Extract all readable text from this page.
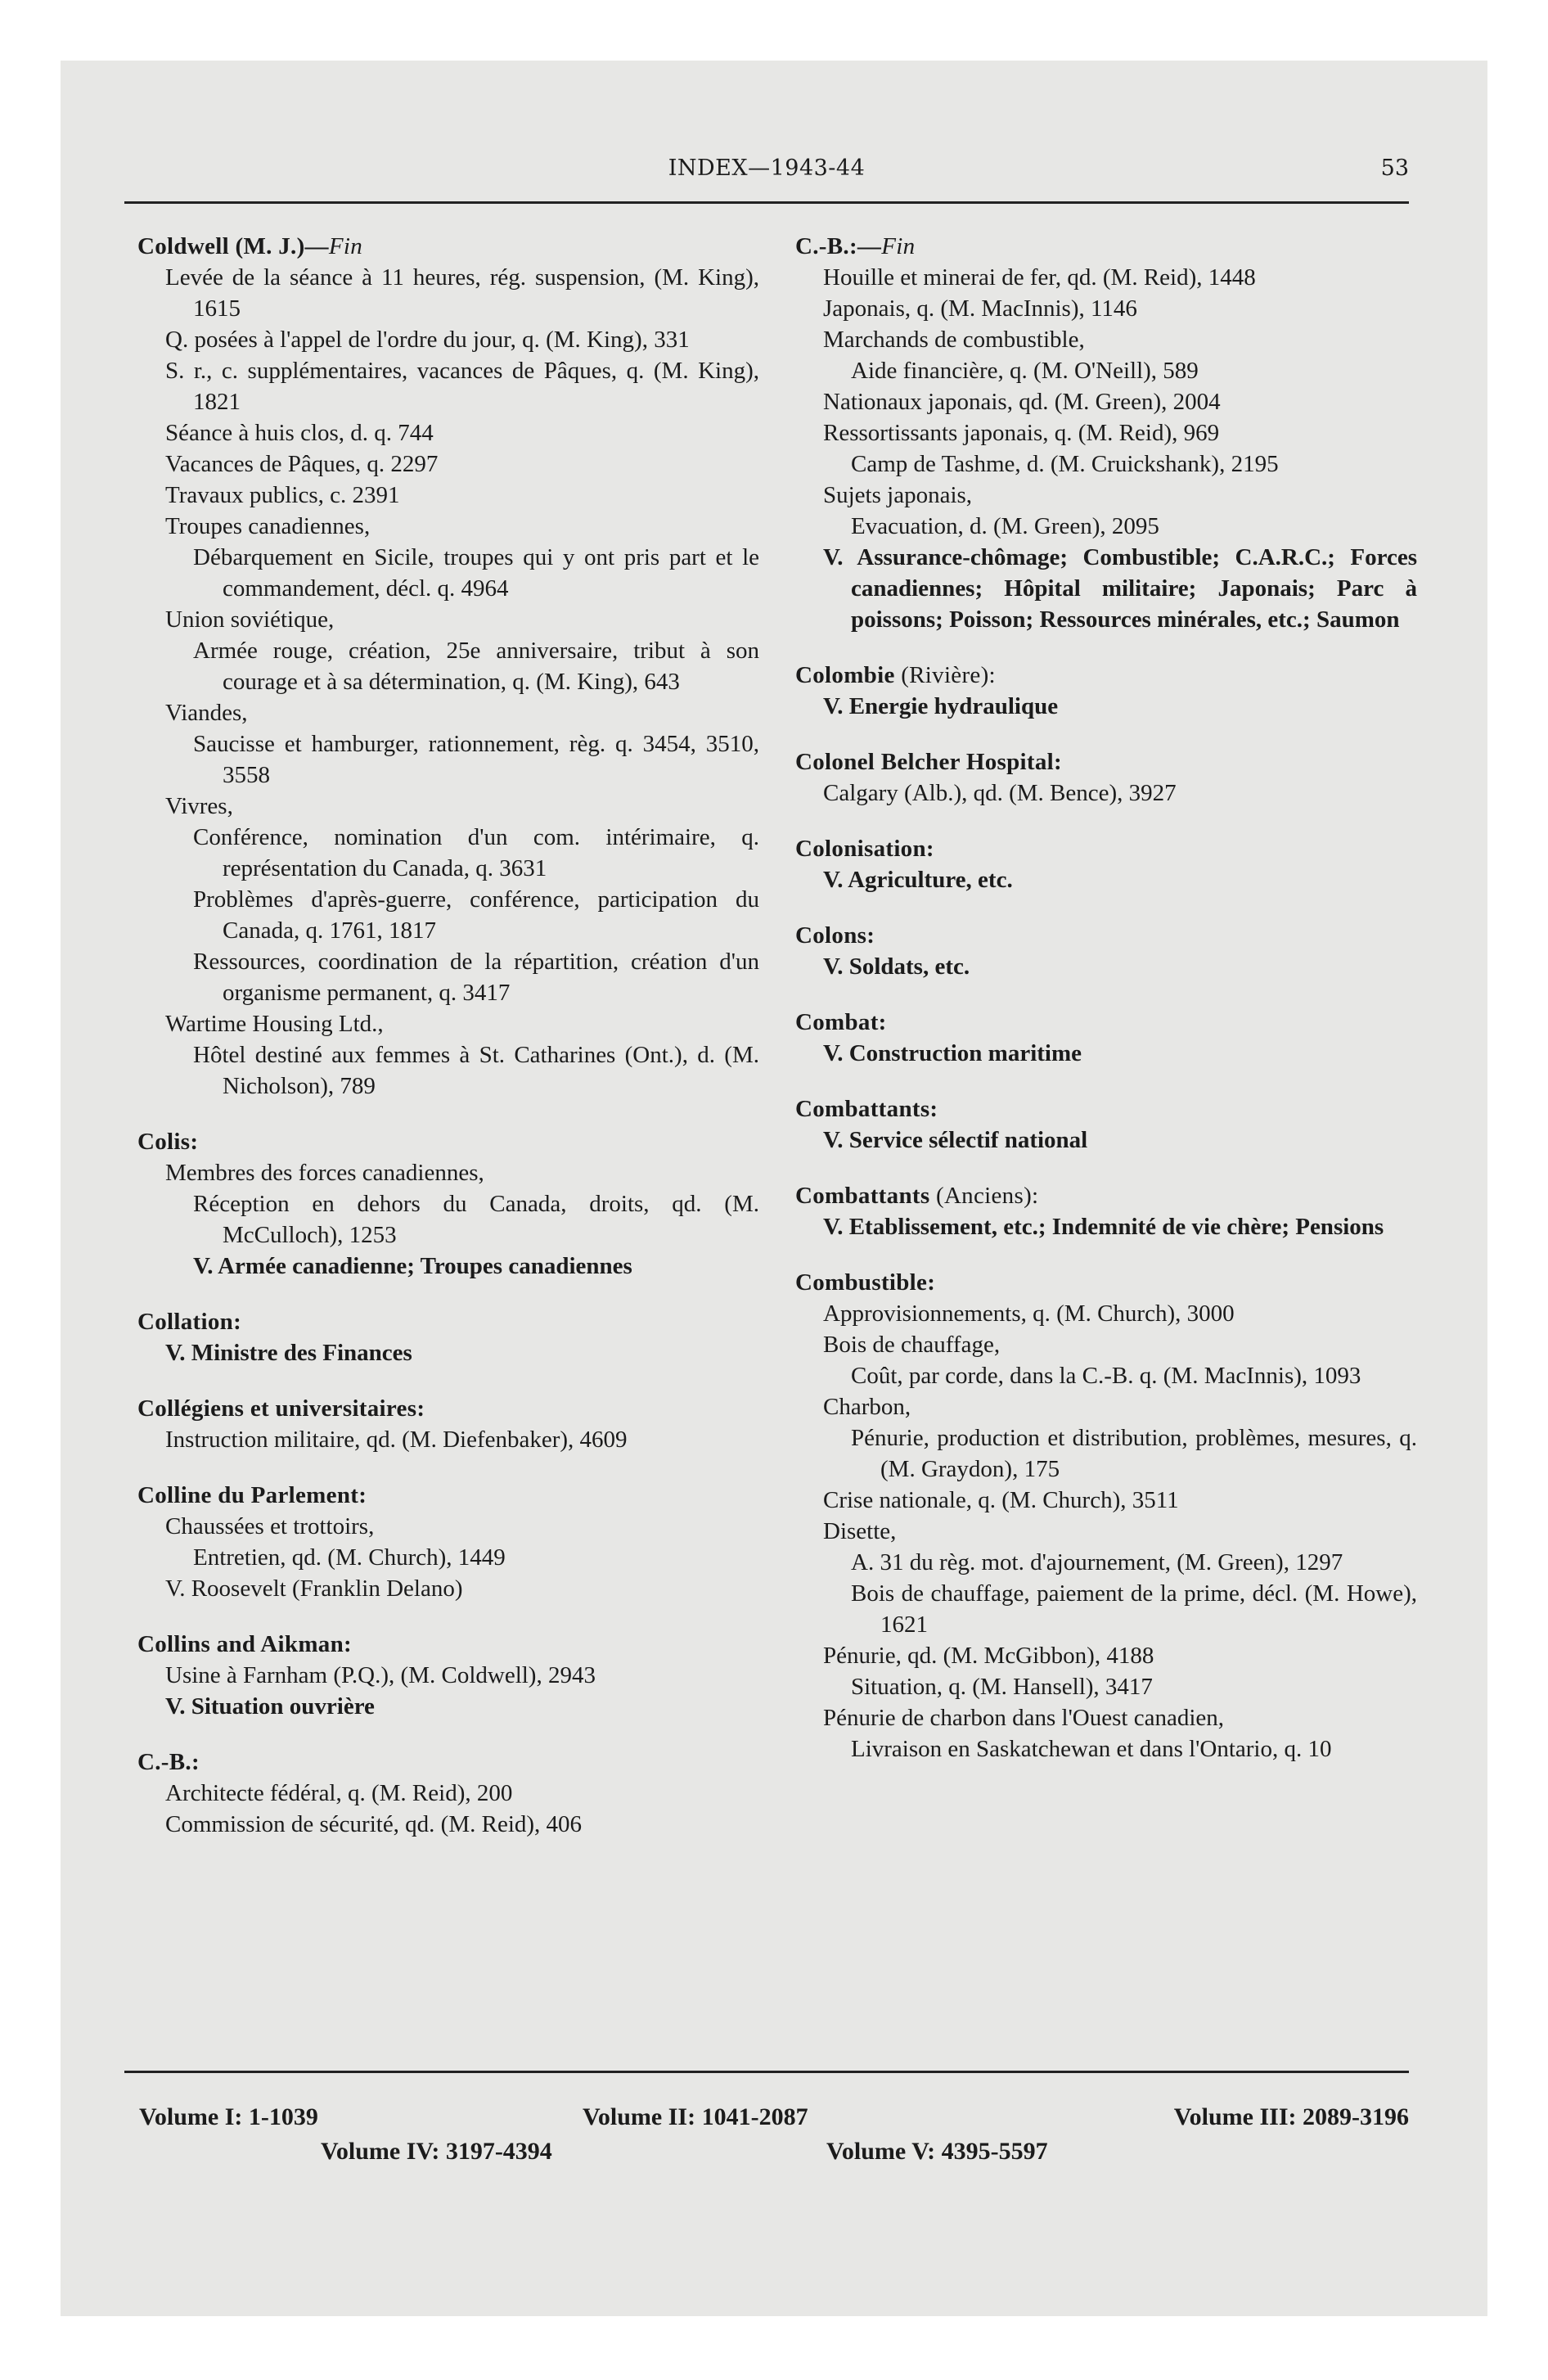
INDEX—1943-44	53
Coldwell (M. J.)—Fin
Levée de la séance à 11 heures, rég. suspension, (M. King), 1615
Q. posées à l'appel de l'ordre du jour, q. (M. King), 331
S. r., c. supplémentaires, vacances de Pâques, q. (M. King), 1821
Séance à huis clos, d. q. 744
Vacances de Pâques, q. 2297
Travaux publics, c. 2391
Troupes canadiennes,
Débarquement en Sicile, troupes qui y ont pris part et le commandement, décl. q. 4964
Union soviétique,
Armée rouge, création, 25e anniversaire, tribut à son courage et à sa détermination, q. (M. King), 643
Viandes,
Saucisse et hamburger, rationnement, règ. q. 3454, 3510, 3558
Vivres,
Conférence, nomination d'un com. intérimaire, q. représentation du Canada, q. 3631
Problèmes d'après-guerre, conférence, participation du Canada, q. 1761, 1817
Ressources, coordination de la répartition, création d'un organisme permanent, q. 3417
Wartime Housing Ltd.,
Hôtel destiné aux femmes à St. Catharines (Ont.), d. (M. Nicholson), 789
Colis:
Membres des forces canadiennes,
Réception en dehors du Canada, droits, qd. (M. McCulloch), 1253
V. Armée canadienne; Troupes canadiennes
Collation:
V. Ministre des Finances
Collégiens et universitaires:
Instruction militaire, qd. (M. Diefenbaker), 4609
Colline du Parlement:
Chaussées et trottoirs,
Entretien, qd. (M. Church), 1449
V. Roosevelt (Franklin Delano)
Collins and Aikman:
Usine à Farnham (P.Q.), (M. Coldwell), 2943
V. Situation ouvrière
C.-B.:
Architecte fédéral, q. (M. Reid), 200
Commission de sécurité, qd. (M. Reid), 406
C.-B.:—Fin
Houille et minerai de fer, qd. (M. Reid), 1448
Japonais, q. (M. MacInnis), 1146
Marchands de combustible,
Aide financière, q. (M. O'Neill), 589
Nationaux japonais, qd. (M. Green), 2004
Ressortissants japonais, q. (M. Reid), 969
Camp de Tashme, d. (M. Cruickshank), 2195
Sujets japonais,
Evacuation, d. (M. Green), 2095
V. Assurance-chômage; Combustible; C.A.R.C.; Forces canadiennes; Hôpital militaire; Japonais; Parc à poissons; Poisson; Ressources minérales, etc.; Saumon
Colombie (Rivière):
V. Energie hydraulique
Colonel Belcher Hospital:
Calgary (Alb.), qd. (M. Bence), 3927
Colonisation:
V. Agriculture, etc.
Colons:
V. Soldats, etc.
Combat:
V. Construction maritime
Combattants:
V. Service sélectif national
Combattants (Anciens):
V. Etablissement, etc.; Indemnité de vie chère; Pensions
Combustible:
Approvisionnements, q. (M. Church), 3000
Bois de chauffage,
Coût, par corde, dans la C.-B. q. (M. MacInnis), 1093
Charbon,
Pénurie, production et distribution, problèmes, mesures, q. (M. Graydon), 175
Crise nationale, q. (M. Church), 3511
Disette,
A. 31 du règ. mot. d'ajournement, (M. Green), 1297
Bois de chauffage, paiement de la prime, décl. (M. Howe), 1621
Pénurie, qd. (M. McGibbon), 4188
Situation, q. (M. Hansell), 3417
Pénurie de charbon dans l'Ouest canadien,
Livraison en Saskatchewan et dans l'Ontario, q. 10
Volume I: 1-1039	Volume II: 1041-2087	Volume III: 2089-3196
Volume IV: 3197-4394	Volume V: 4395-5597
